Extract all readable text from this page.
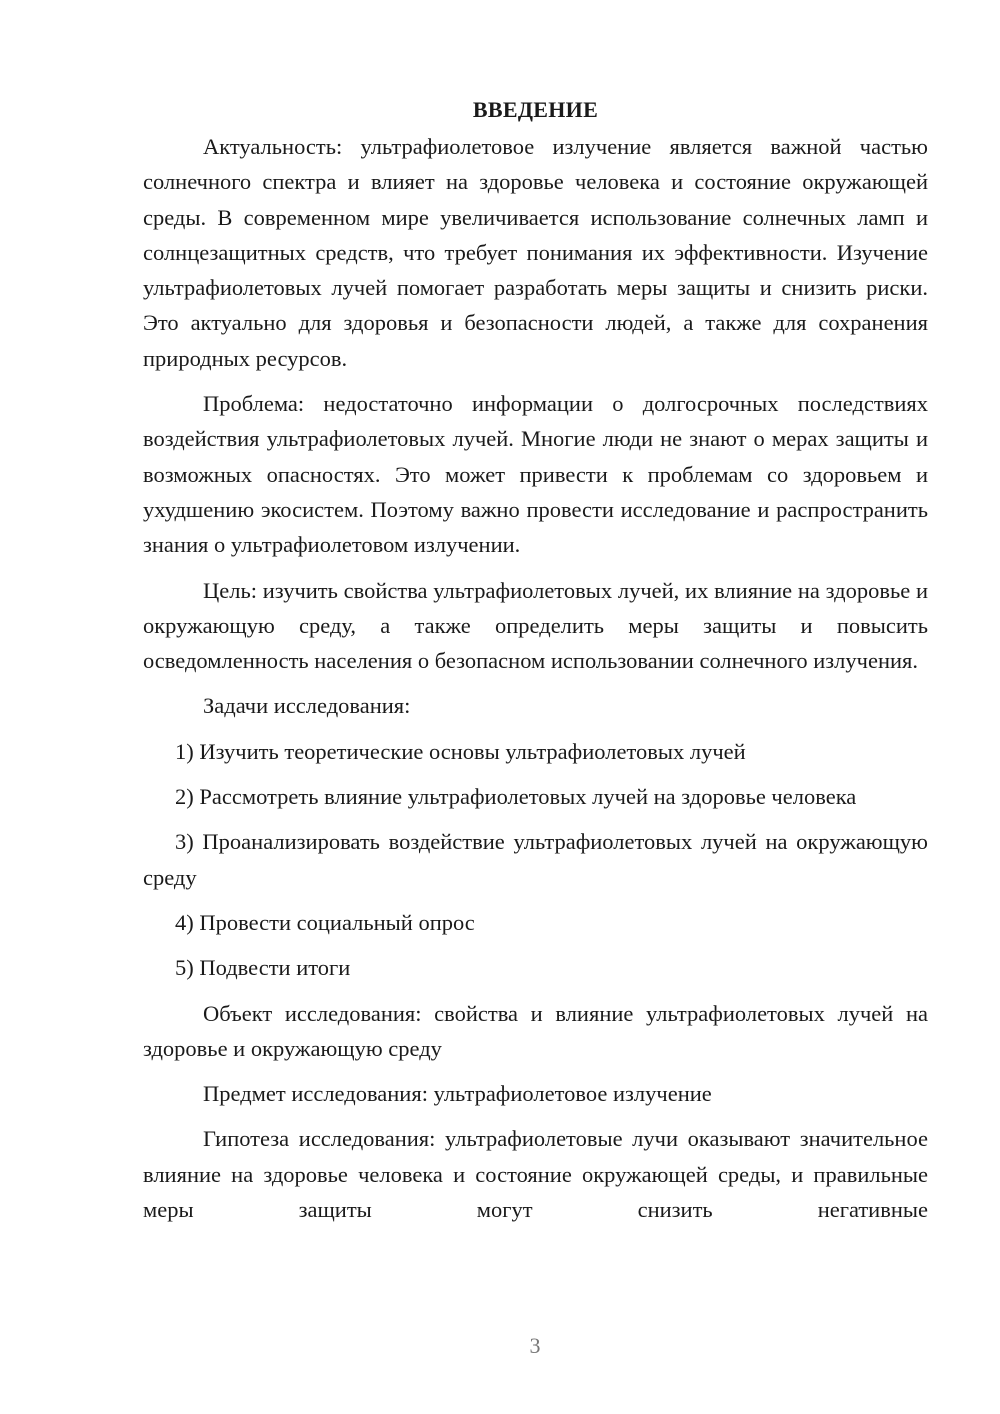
ВВЕДЕНИЕ

Актуальность: ультрафиолетовое излучение является важной частью солнечного спектра и влияет на здоровье человека и состояние окружающей среды. В современном мире увеличивается использование солнечных ламп и солнцезащитных средств, что требует понимания их эффективности. Изучение ультрафиолетовых лучей помогает разработать меры защиты и снизить риски. Это актуально для здоровья и безопасности людей, а также для сохранения природных ресурсов.

Проблема: недостаточно информации о долгосрочных последствиях воздействия ультрафиолетовых лучей. Многие люди не знают о мерах защиты и возможных опасностях. Это может привести к проблемам со здоровьем и ухудшению экосистем. Поэтому важно провести исследование и распространить знания о ультрафиолетовом излучении.

Цель: изучить свойства ультрафиолетовых лучей, их влияние на здоровье и окружающую среду, а также определить меры защиты и повысить осведомленность населения о безопасном использовании солнечного излучения.

Задачи исследования:

1) Изучить теоретические основы ультрафиолетовых лучей

2) Рассмотреть влияние ультрафиолетовых лучей на здоровье человека

3) Проанализировать воздействие ультрафиолетовых лучей на окружающую среду

4) Провести социальный опрос

5) Подвести итоги

Объект исследования: свойства и влияние ультрафиолетовых лучей на здоровье и окружающую среду

Предмет исследования: ультрафиолетовое излучение

Гипотеза исследования: ультрафиолетовые лучи оказывают значительное влияние на здоровье человека и состояние окружающей среды, и правильные меры защиты могут снизить негативные

3
